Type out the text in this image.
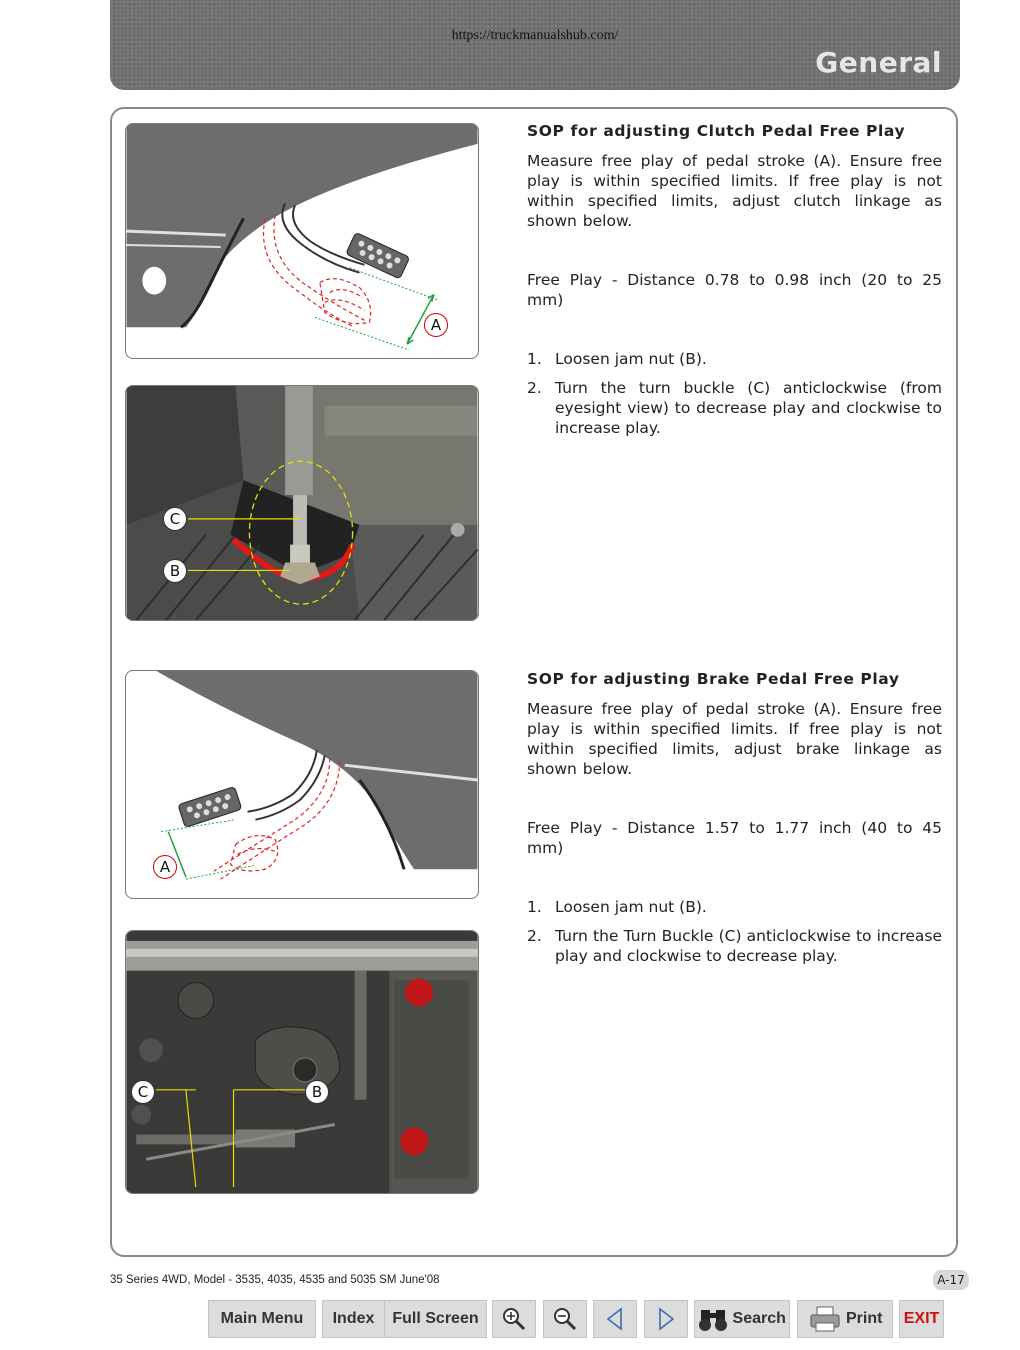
https://truckmanualshub.com/
General
A
C
B
SOP for adjusting Clutch Pedal Free Play

Measure free play of pedal stroke (A). Ensure free play is within specified limits. If free play is not within specified limits, adjust clutch linkage as shown below.

Free Play - Distance 0.78 to 0.98 inch (20 to 25 mm)

1. Loosen jam nut (B).
2. Turn the turn buckle (C) anticlockwise (from eyesight view) to decrease play and clockwise to increase play.
A
C	B
SOP for adjusting Brake Pedal Free Play

Measure free play of pedal stroke (A). Ensure free play is within specified limits. If free play is not within specified limits, adjust brake linkage as shown below.

Free Play - Distance 1.57 to 1.77 inch (40 to 45 mm)

1. Loosen jam nut (B).
2. Turn the Turn Buckle (C) anticlockwise to increase play and clockwise to decrease play.
35 Series 4WD, Model - 3535, 4035, 4535 and 5035 SM June'08	A-17
Main Menu	Index	Full Screen	Search	Print	EXIT
